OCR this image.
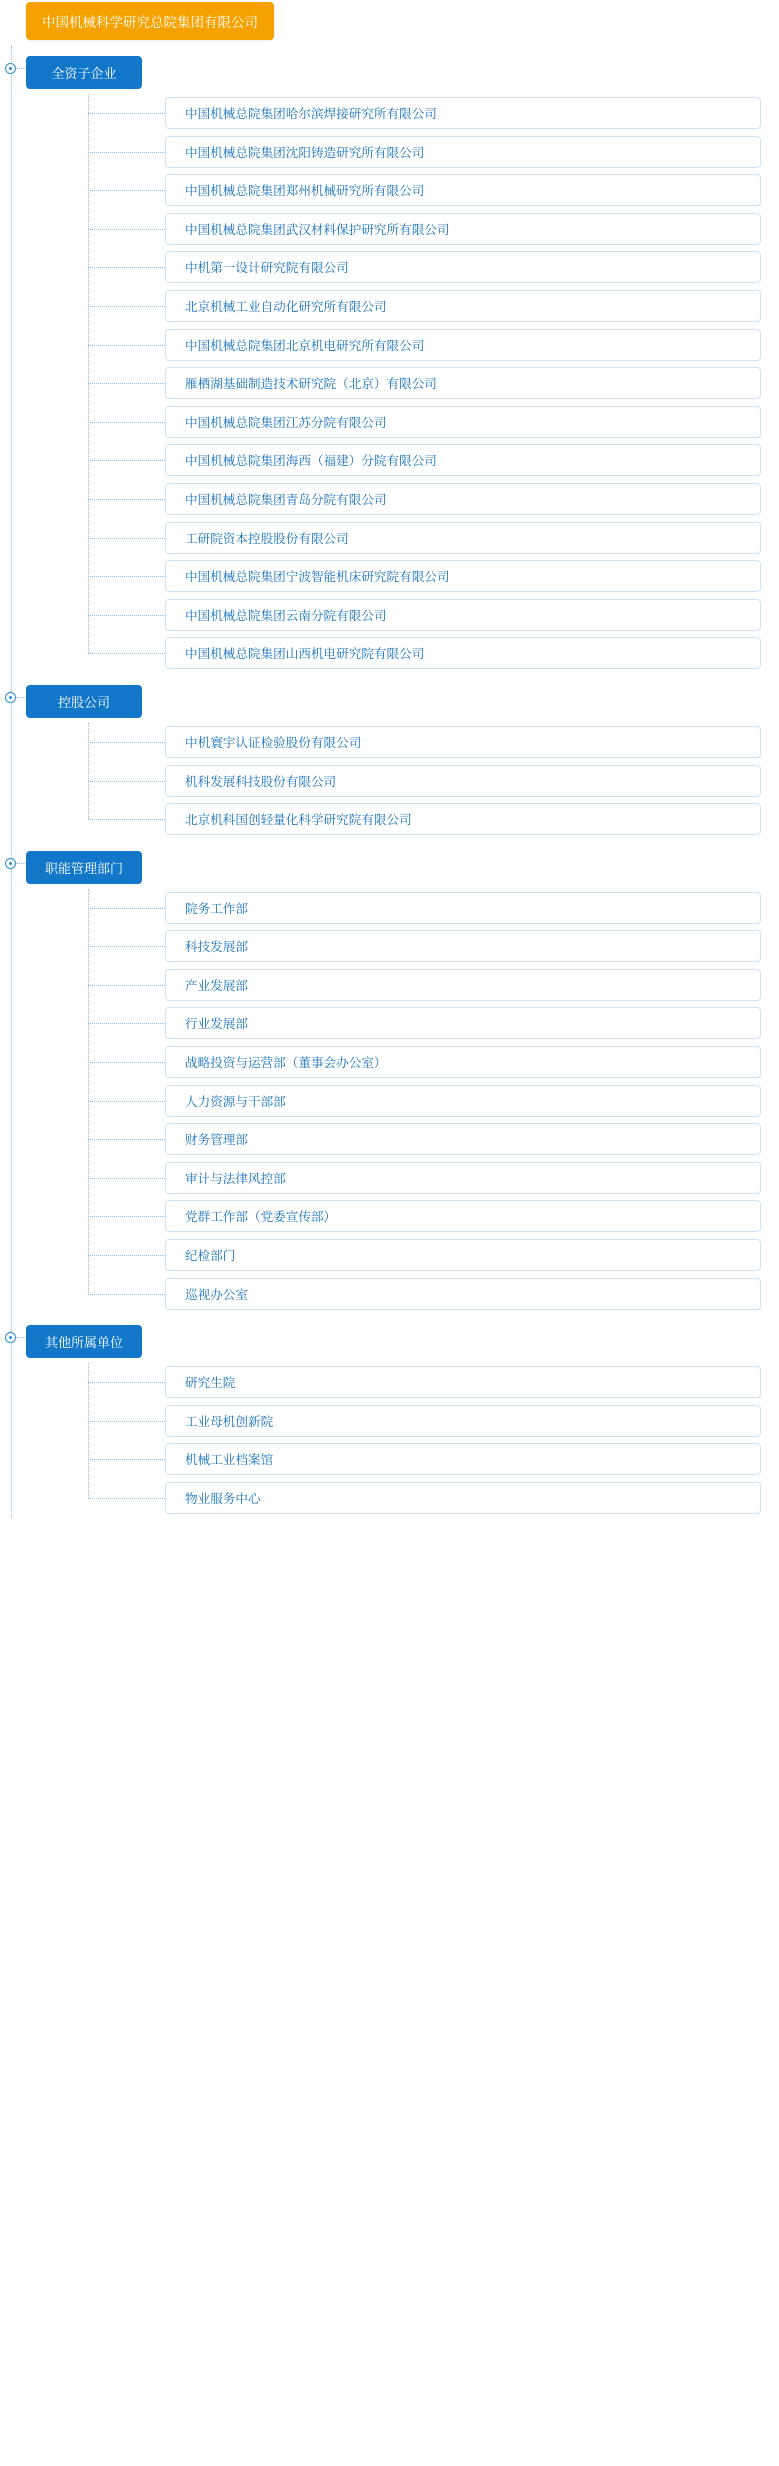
中国机械科学研究总院集团有限公司
全资子企业
中国机械总院集团哈尔滨焊接研究所有限公司
中国机械总院集团沈阳铸造研究所有限公司
中国机械总院集团郑州机械研究所有限公司
中国机械总院集团武汉材料保护研究所有限公司
中机第一设计研究院有限公司
北京机械工业自动化研究所有限公司
中国机械总院集团北京机电研究所有限公司
雁栖湖基础制造技术研究院（北京）有限公司
中国机械总院集团江苏分院有限公司
中国机械总院集团海西（福建）分院有限公司
中国机械总院集团青岛分院有限公司
工研院资本控股股份有限公司
中国机械总院集团宁波智能机床研究院有限公司
中国机械总院集团云南分院有限公司
中国机械总院集团山西机电研究院有限公司
控股公司
中机寰宇认证检验股份有限公司
机科发展科技股份有限公司
北京机科国创轻量化科学研究院有限公司
职能管理部门
院务工作部
科技发展部
产业发展部
行业发展部
战略投资与运营部（董事会办公室）
人力资源与干部部
财务管理部
审计与法律风控部
党群工作部（党委宣传部）
纪检部门
巡视办公室
其他所属单位
研究生院
工业母机创新院
机械工业档案馆
物业服务中心
